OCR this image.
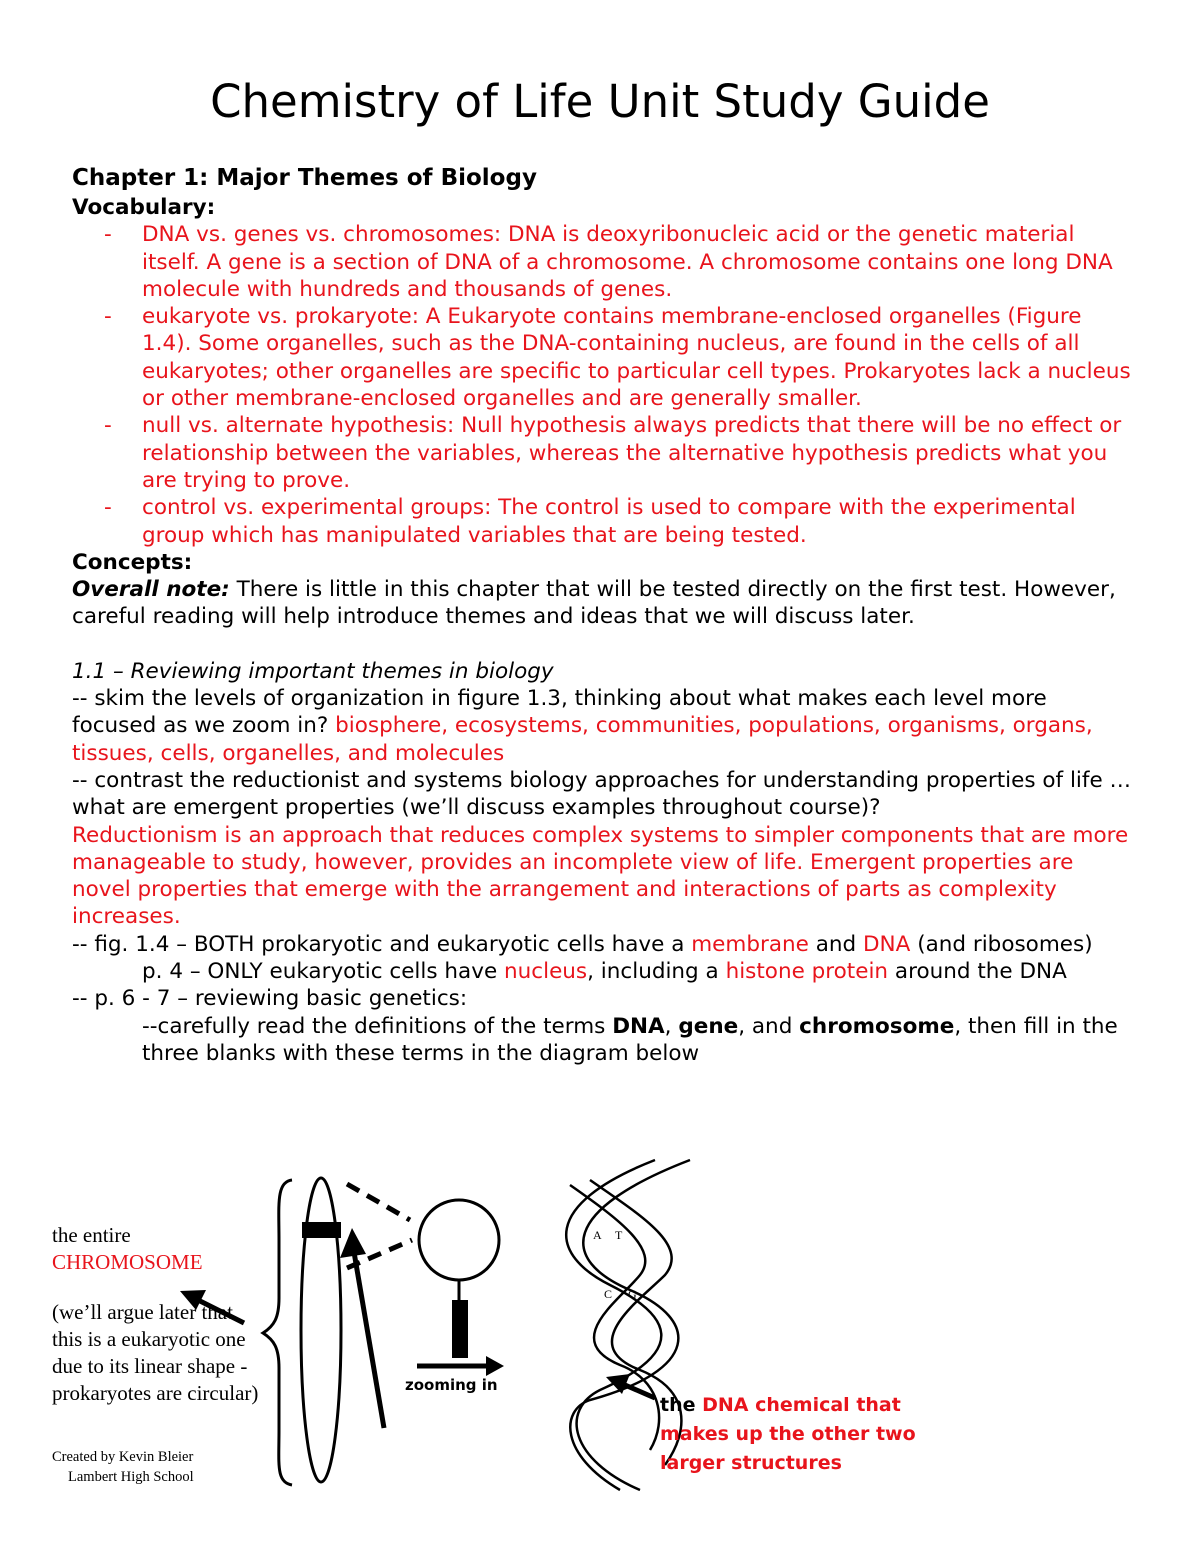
Chemistry of Life Unit Study Guide
Chapter 1: Major Themes of Biology
Vocabulary:
- DNA vs. genes vs. chromosomes: DNA is deoxyribonucleic acid or the genetic material itself. A gene is a section of DNA of a chromosome. A chromosome contains one long DNA molecule with hundreds and thousands of genes.
- eukaryote vs. prokaryote: A Eukaryote contains membrane-enclosed organelles (Figure 1.4). Some organelles, such as the DNA-containing nucleus, are found in the cells of all eukaryotes; other organelles are specific to particular cell types. Prokaryotes lack a nucleus or other membrane-enclosed organelles and are generally smaller.
- null vs. alternate hypothesis: Null hypothesis always predicts that there will be no effect or relationship between the variables, whereas the alternative hypothesis predicts what you are trying to prove.
- control vs. experimental groups: The control is used to compare with the experimental group which has manipulated variables that are being tested.
Concepts:

Overall note: There is little in this chapter that will be tested directly on the first test. However, careful reading will help introduce themes and ideas that we will discuss later.

1.1 – Reviewing important themes in biology

-- skim the levels of organization in figure 1.3, thinking about what makes each level more focused as we zoom in? biosphere, ecosystems, communities, populations, organisms, organs, tissues, cells, organelles, and molecules

-- contrast the reductionist and systems biology approaches for understanding properties of life … what are emergent properties (we’ll discuss examples throughout course)?

Reductionism is an approach that reduces complex systems to simpler components that are more manageable to study, however, provides an incomplete view of life. Emergent properties are novel properties that emerge with the arrangement and interactions of parts as complexity increases.

-- fig. 1.4 – BOTH prokaryotic and eukaryotic cells have a membrane and DNA (and ribosomes)

p. 4 – ONLY eukaryotic cells have nucleus, including a histone protein around the DNA

-- p. 6 - 7 – reviewing basic genetics:

--carefully read the definitions of the terms DNA, gene, and chromosome, then fill in the three blanks with these terms in the diagram below

A T
C G
the entire
CHROMOSOME
(we’ll argue later that this is a eukaryotic one due to its linear shape - prokaryotes are circular)
Created by Kevin Bleier
Lambert High School
zooming in
the DNA chemical that makes up the other two larger structures
